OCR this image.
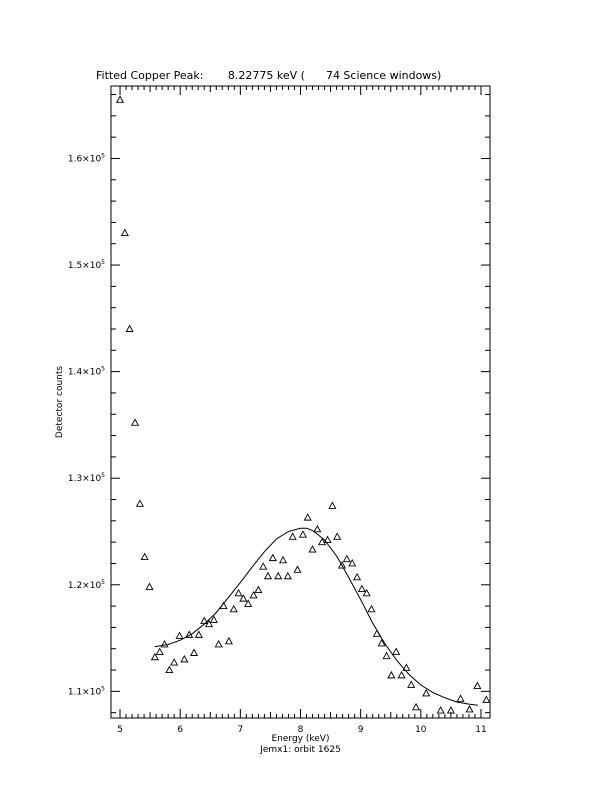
Fitted Copper Peak:       8.22775 keV (      74 Science windows)
5	6	7	8	9	10	11
$1.1\times 10^5$
$1.2\times 10^5$
$1.3\times 10^5$
$1.4\times 10^5$
$1.5\times 10^5$
$1.6\times 10^5$
Energy (keV)
Jemx1: orbit 1625
Detector counts
